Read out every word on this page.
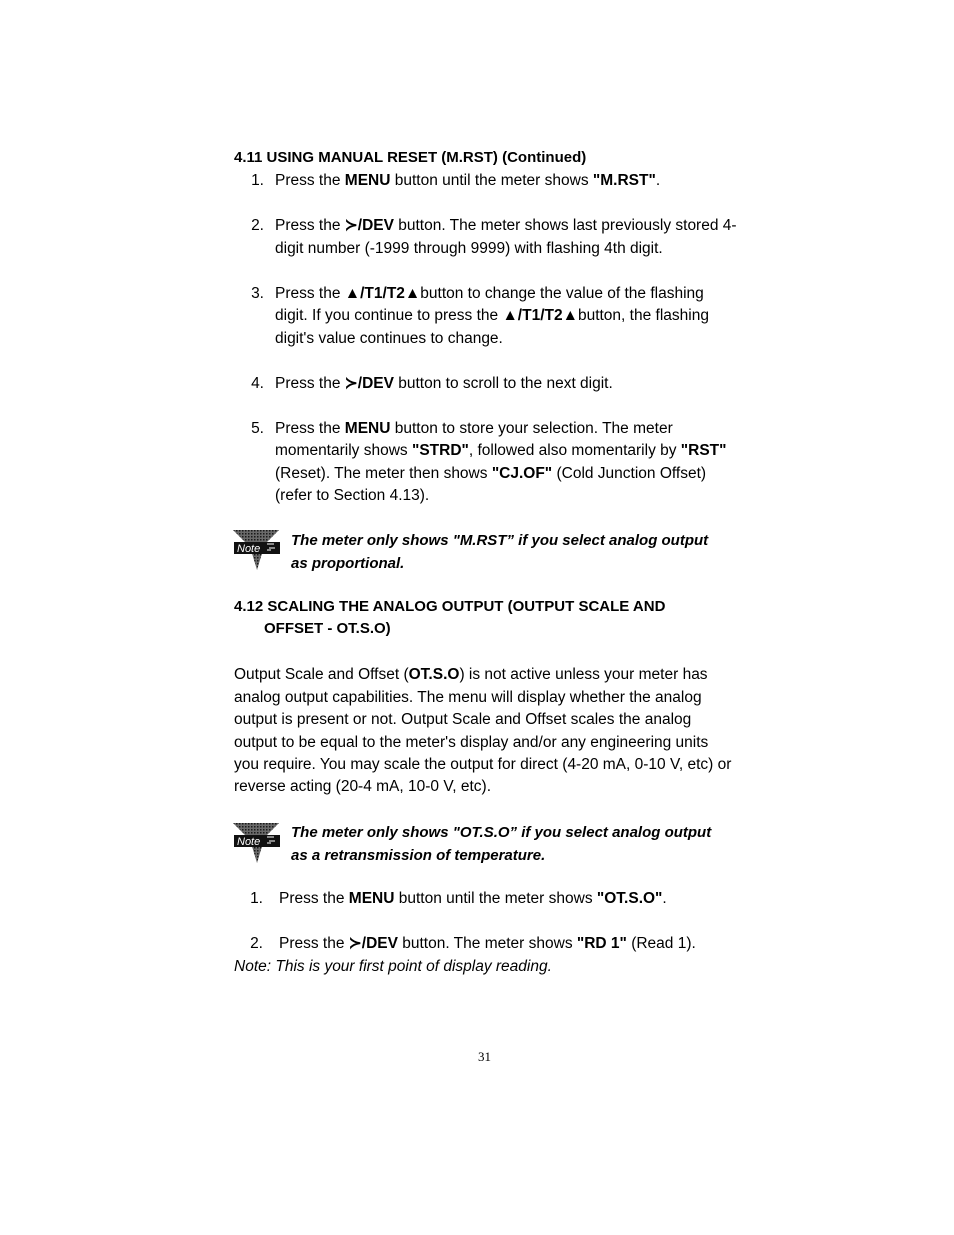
4.11 USING MANUAL RESET (M.RST) (Continued)
1. Press the MENU button until the meter shows "M.RST".
2. Press the ≻/DEV button. The meter shows last previously stored 4-
digit number (-1999 through 9999) with flashing 4th digit.
3. Press the ▲/T1/T2▲button to change the value of the flashing
digit. If you continue to press the ▲/T1/T2▲button, the flashing
digit's value continues to change.
4. Press the ≻/DEV button to scroll to the next digit.
5. Press the MENU button to store your selection. The meter
momentarily shows "STRD", followed also momentarily by "RST"
(Reset). The meter then shows "CJ.OF" (Cold Junction Offset)
(refer to Section 4.13).
Note The meter only shows "M.RST” if you select analog output
as proportional.
4.12 SCALING THE ANALOG OUTPUT (OUTPUT SCALE AND
OFFSET - OT.S.O)
Output Scale and Offset (OT.S.O) is not active unless your meter has
analog output capabilities. The menu will display whether the analog
output is present or not. Output Scale and Offset scales the analog
output to be equal to the meter's display and/or any engineering units
you require. You may scale the output for direct (4-20 mA, 0-10 V, etc) or
reverse acting (20-4 mA, 10-0 V, etc).
Note
The meter only shows "OT.S.O” if you select analog output
as a retransmission of temperature.
1. Press the MENU button until the meter shows "OT.S.O".
2. Press the ≻/DEV button. The meter shows "RD 1" (Read 1).
Note: This is your first point of display reading.
31
